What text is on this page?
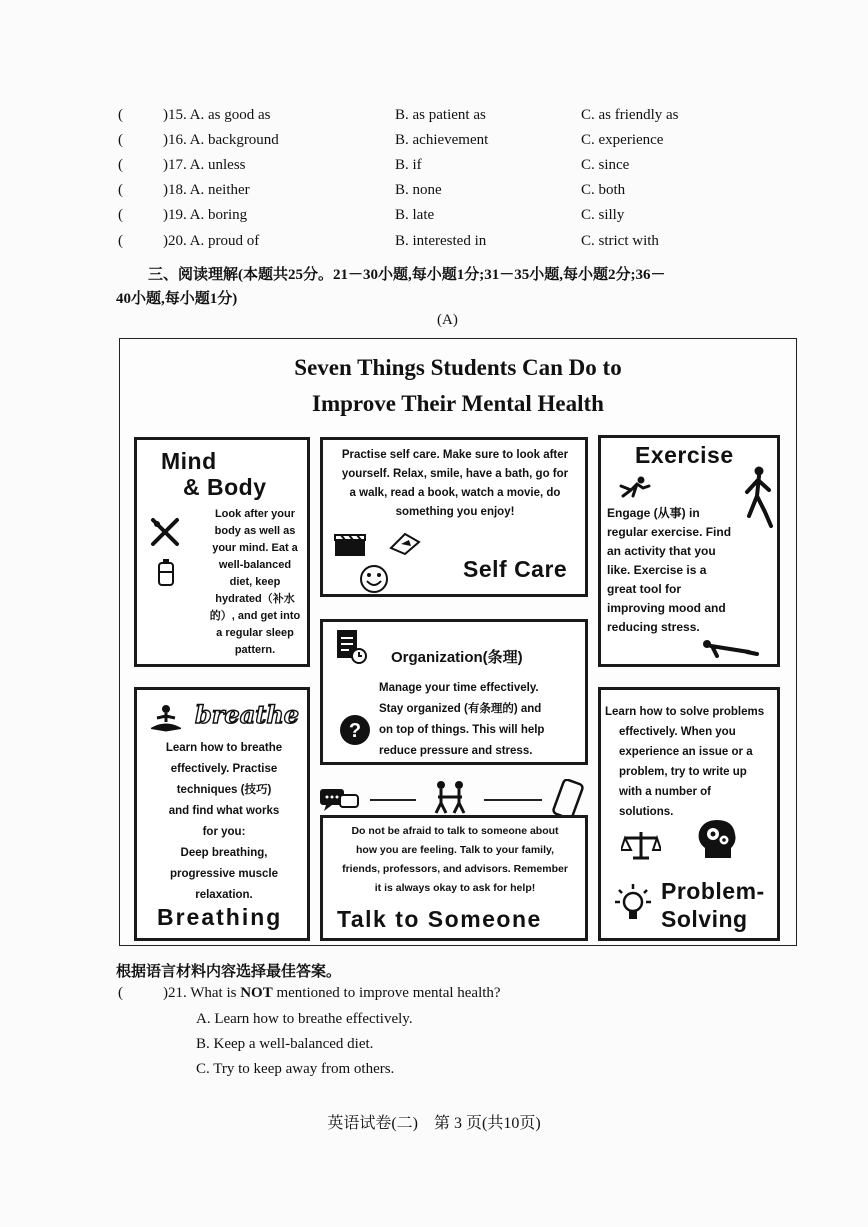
(	)15. A. as good as	B. as patient as	C. as friendly as
(	)16. A. background	B. achievement	C. experience
(	)17. A. unless	B. if	C. since
(	)18. A. neither	B. none	C. both
(	)19. A. boring	B. late	C. silly
(	)20. A. proud of	B. interested in	C. strict with
三、阅读理解(本题共25分。21－30小题,每小题1分;31－35小题,每小题2分;36－
40小题,每小题1分)
(A)
Seven Things Students Can Do to
Improve Their Mental Health
Mind
& Body
Look after your
body as well as
your mind. Eat a
well-balanced
diet, keep
hydrated（补水
的）, and get into
a regular sleep
pattern.
Practise self care. Make sure to look after
yourself. Relax, smile, have a bath, go for
a walk, read a book, watch a movie, do
something you enjoy!
Self Care
Exercise
Engage (从事) in
regular exercise. Find
an activity that you
like. Exercise is a
great tool for
improving mood and
reducing stress.
Organization(条理)
?
Manage your time effectively.
Stay organized (有条理的) and
on top of things. This will help
reduce pressure and stress.
breathe
Learn how to breathe
effectively. Practise
techniques (技巧)
and find what works
for you:
Deep breathing,
progressive muscle
relaxation.
Breathing
Do not be afraid to talk to someone about
how you are feeling. Talk to your family,
friends, professors, and advisors. Remember
it is always okay to ask for help!
Talk to Someone
Learn how to solve problems
effectively. When you
experience an issue or a
problem, try to write up
with a number of
solutions.
Problem-
Solving
根据语言材料内容选择最佳答案。
(	)21. What is NOT mentioned to improve mental health?
A. Learn how to breathe effectively.
B. Keep a well-balanced diet.
C. Try to keep away from others.
英语试卷(二)　第 3 页(共10页)
